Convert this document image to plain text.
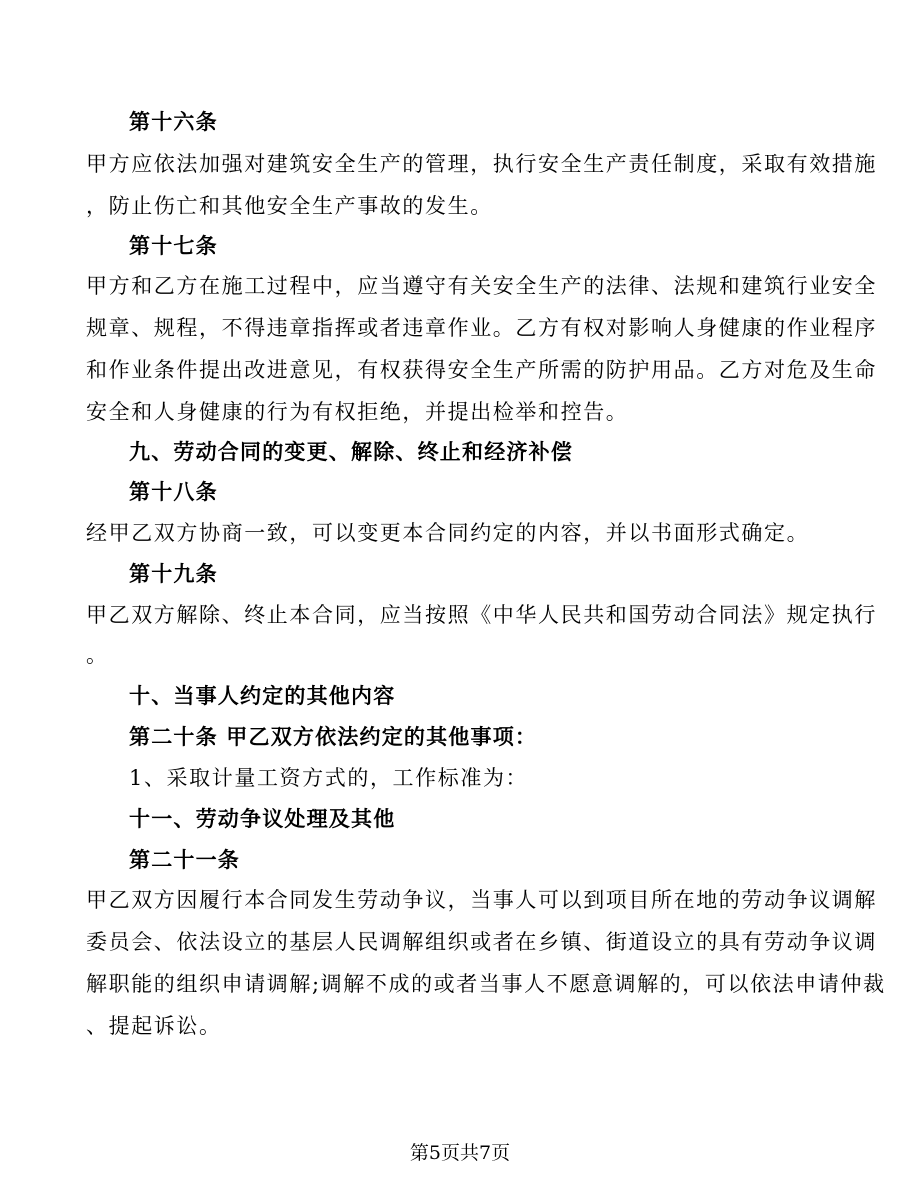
第十六条
甲方应依法加强对建筑安全生产的管理，执行安全生产责任制度，采取有效措施
，防止伤亡和其他安全生产事故的发生。
第十七条
甲方和乙方在施工过程中，应当遵守有关安全生产的法律、法规和建筑行业安全
规章、规程，不得违章指挥或者违章作业。乙方有权对影响人身健康的作业程序
和作业条件提出改进意见，有权获得安全生产所需的防护用品。乙方对危及生命
安全和人身健康的行为有权拒绝，并提出检举和控告。
九、劳动合同的变更、解除、终止和经济补偿
第十八条
经甲乙双方协商一致，可以变更本合同约定的内容，并以书面形式确定。
第十九条
甲乙双方解除、终止本合同，应当按照《中华人民共和国劳动合同法》规定执行
。
十、当事人约定的其他内容
第二十条 甲乙双方依法约定的其他事项：
1、采取计量工资方式的，工作标准为：
十一、劳动争议处理及其他
第二十一条
甲乙双方因履行本合同发生劳动争议，当事人可以到项目所在地的劳动争议调解
委员会、依法设立的基层人民调解组织或者在乡镇、街道设立的具有劳动争议调
解职能的组织申请调解;调解不成的或者当事人不愿意调解的，可以依法申请仲裁
、提起诉讼。
第5页共7页
